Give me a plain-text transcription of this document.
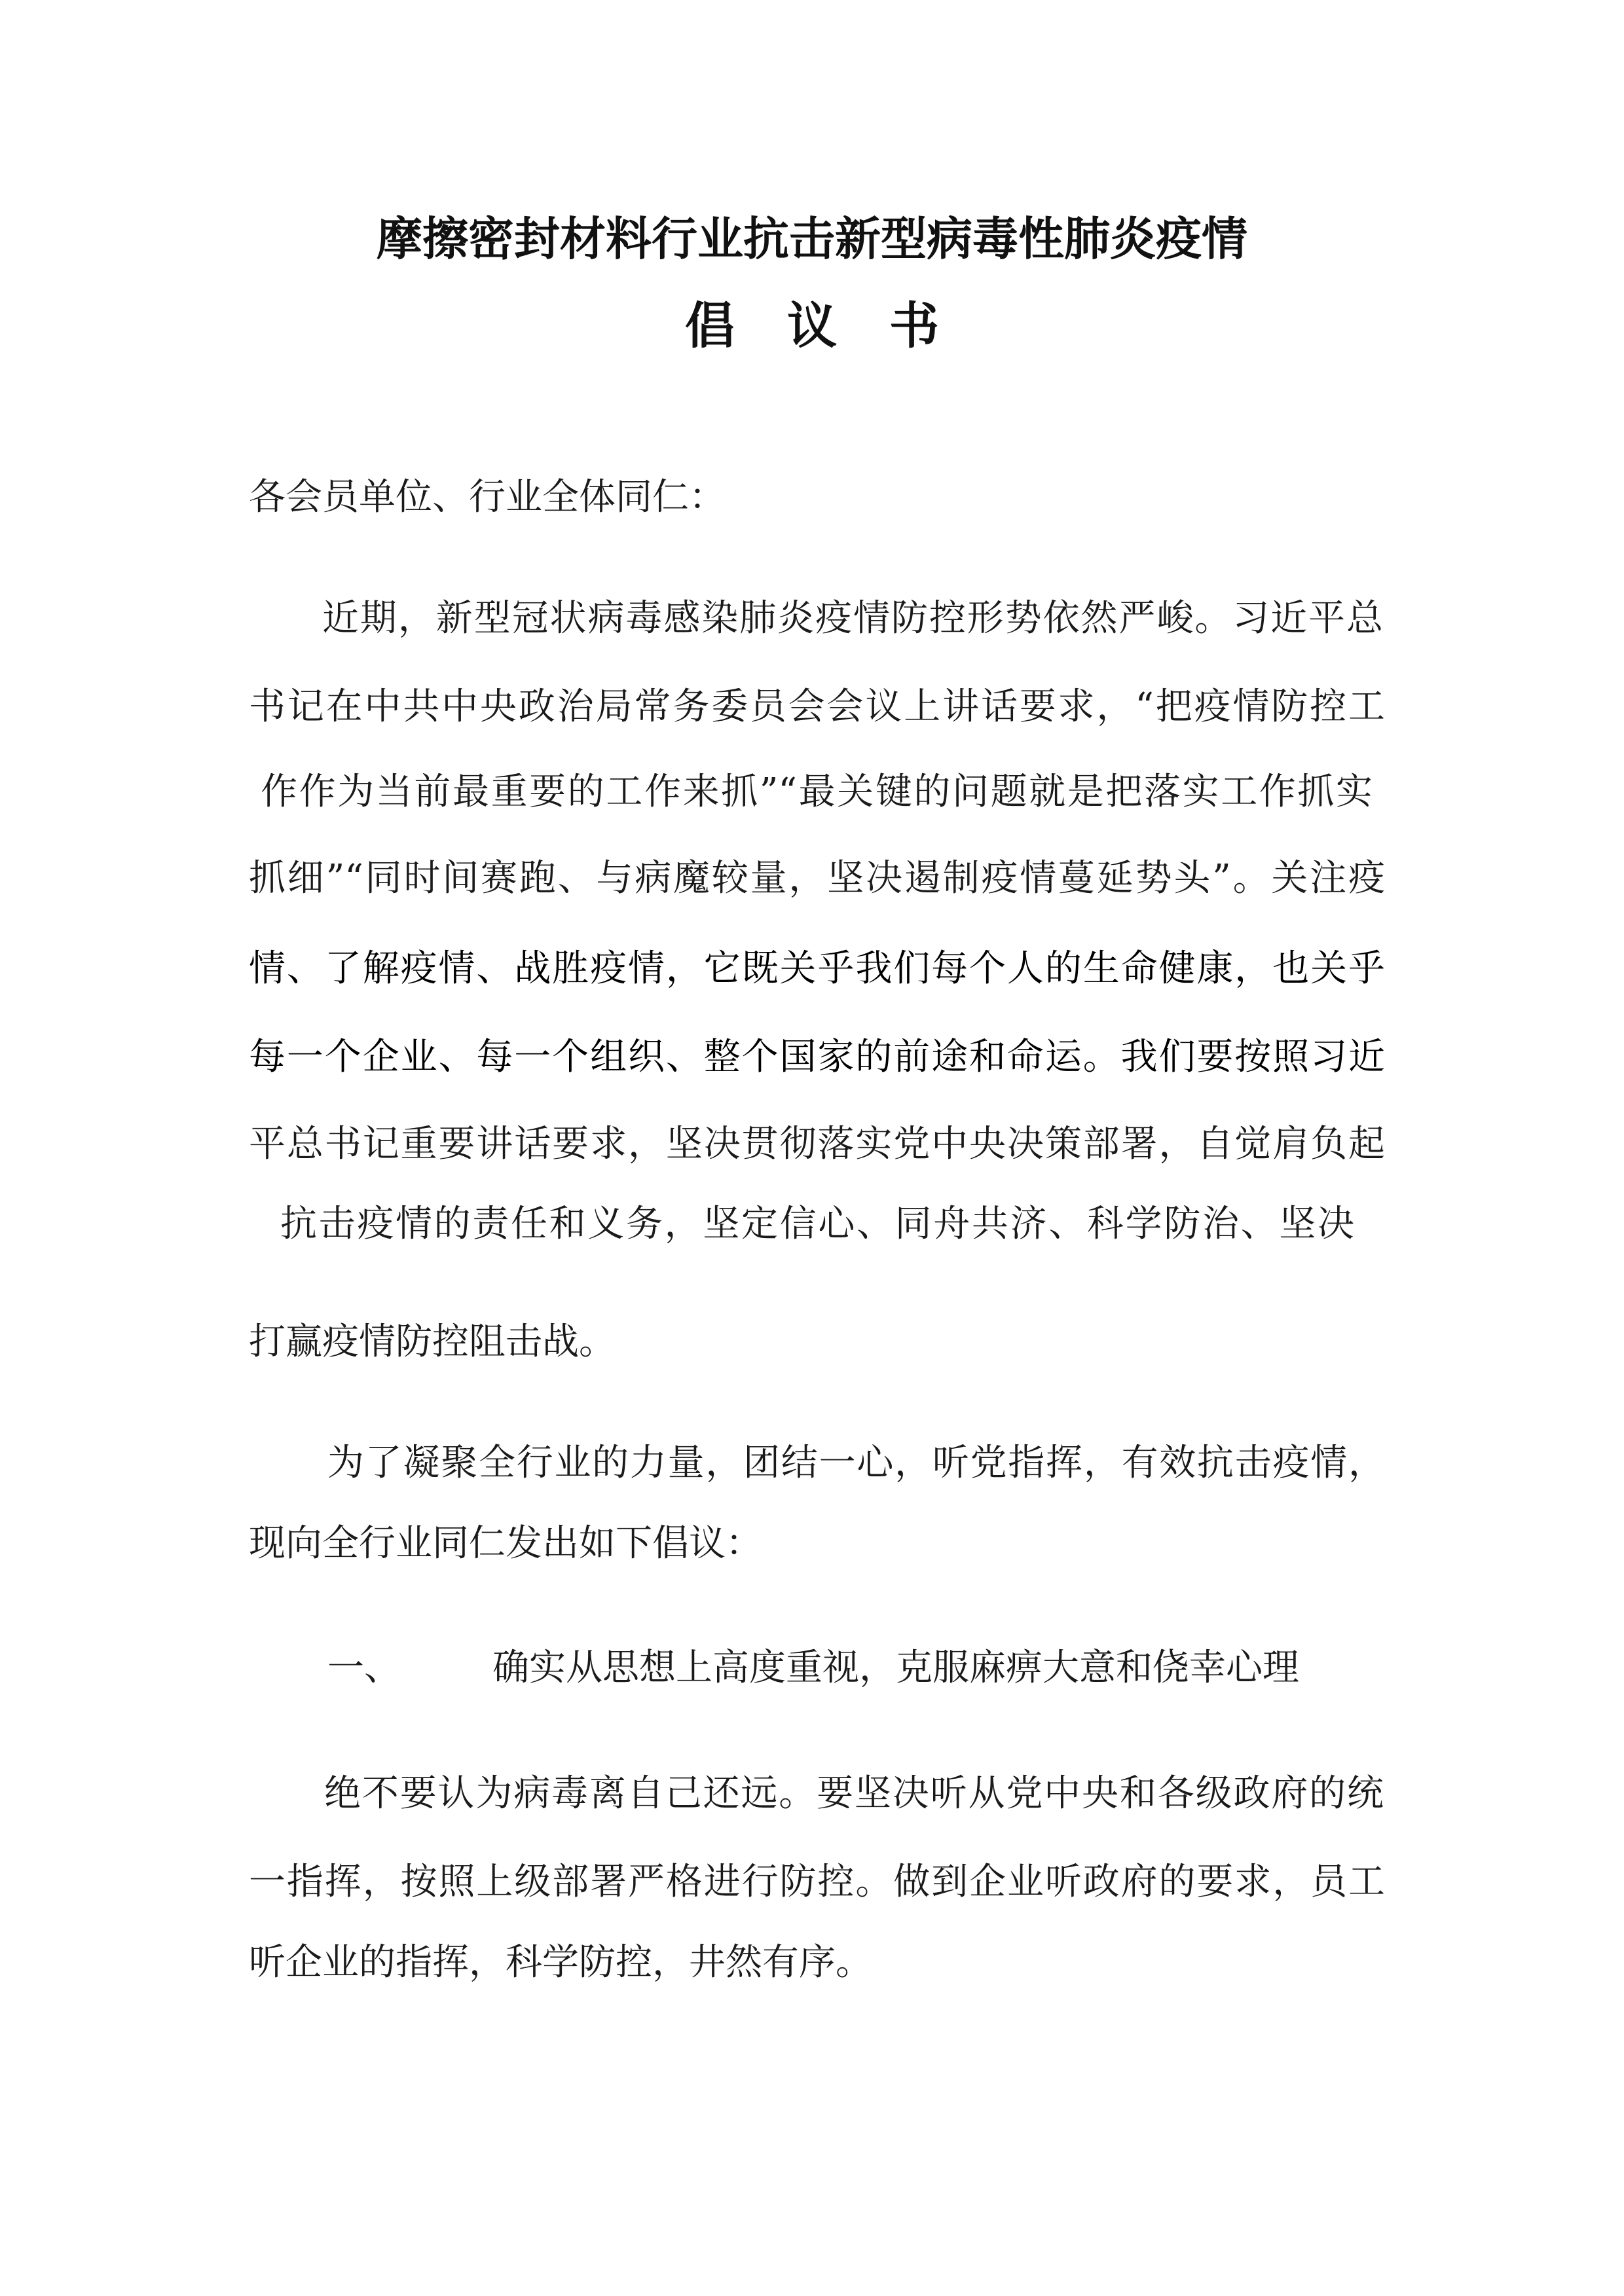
摩擦密封材料行业抗击新型病毒性肺炎疫情
倡议书
各会员单位、行业全体同仁：
近期，新型冠状病毒感染肺炎疫情防控形势依然严峻。习近平总
书记在中共中央政治局常务委员会会议上讲话要求，“把疫情防控工
作作为当前最重要的工作来抓”“最关键的问题就是把落实工作抓实
抓细”“同时间赛跑、与病魔较量，坚决遏制疫情蔓延势头”。关注疫
情、了解疫情、战胜疫情，它既关乎我们每个人的生命健康，也关乎
每一个企业、每一个组织、整个国家的前途和命运。我们要按照习近
平总书记重要讲话要求，坚决贯彻落实党中央决策部署，自觉肩负起
抗击疫情的责任和义务，坚定信心、同舟共济、科学防治、坚决
打赢疫情防控阻击战。
为了凝聚全行业的力量，团结一心，听党指挥，有效抗击疫情，
现向全行业同仁发出如下倡议：
一、	确实从思想上高度重视，克服麻痹大意和侥幸心理
绝不要认为病毒离自己还远。要坚决听从党中央和各级政府的统
一指挥，按照上级部署严格进行防控。做到企业听政府的要求，员工
听企业的指挥，科学防控，井然有序。
